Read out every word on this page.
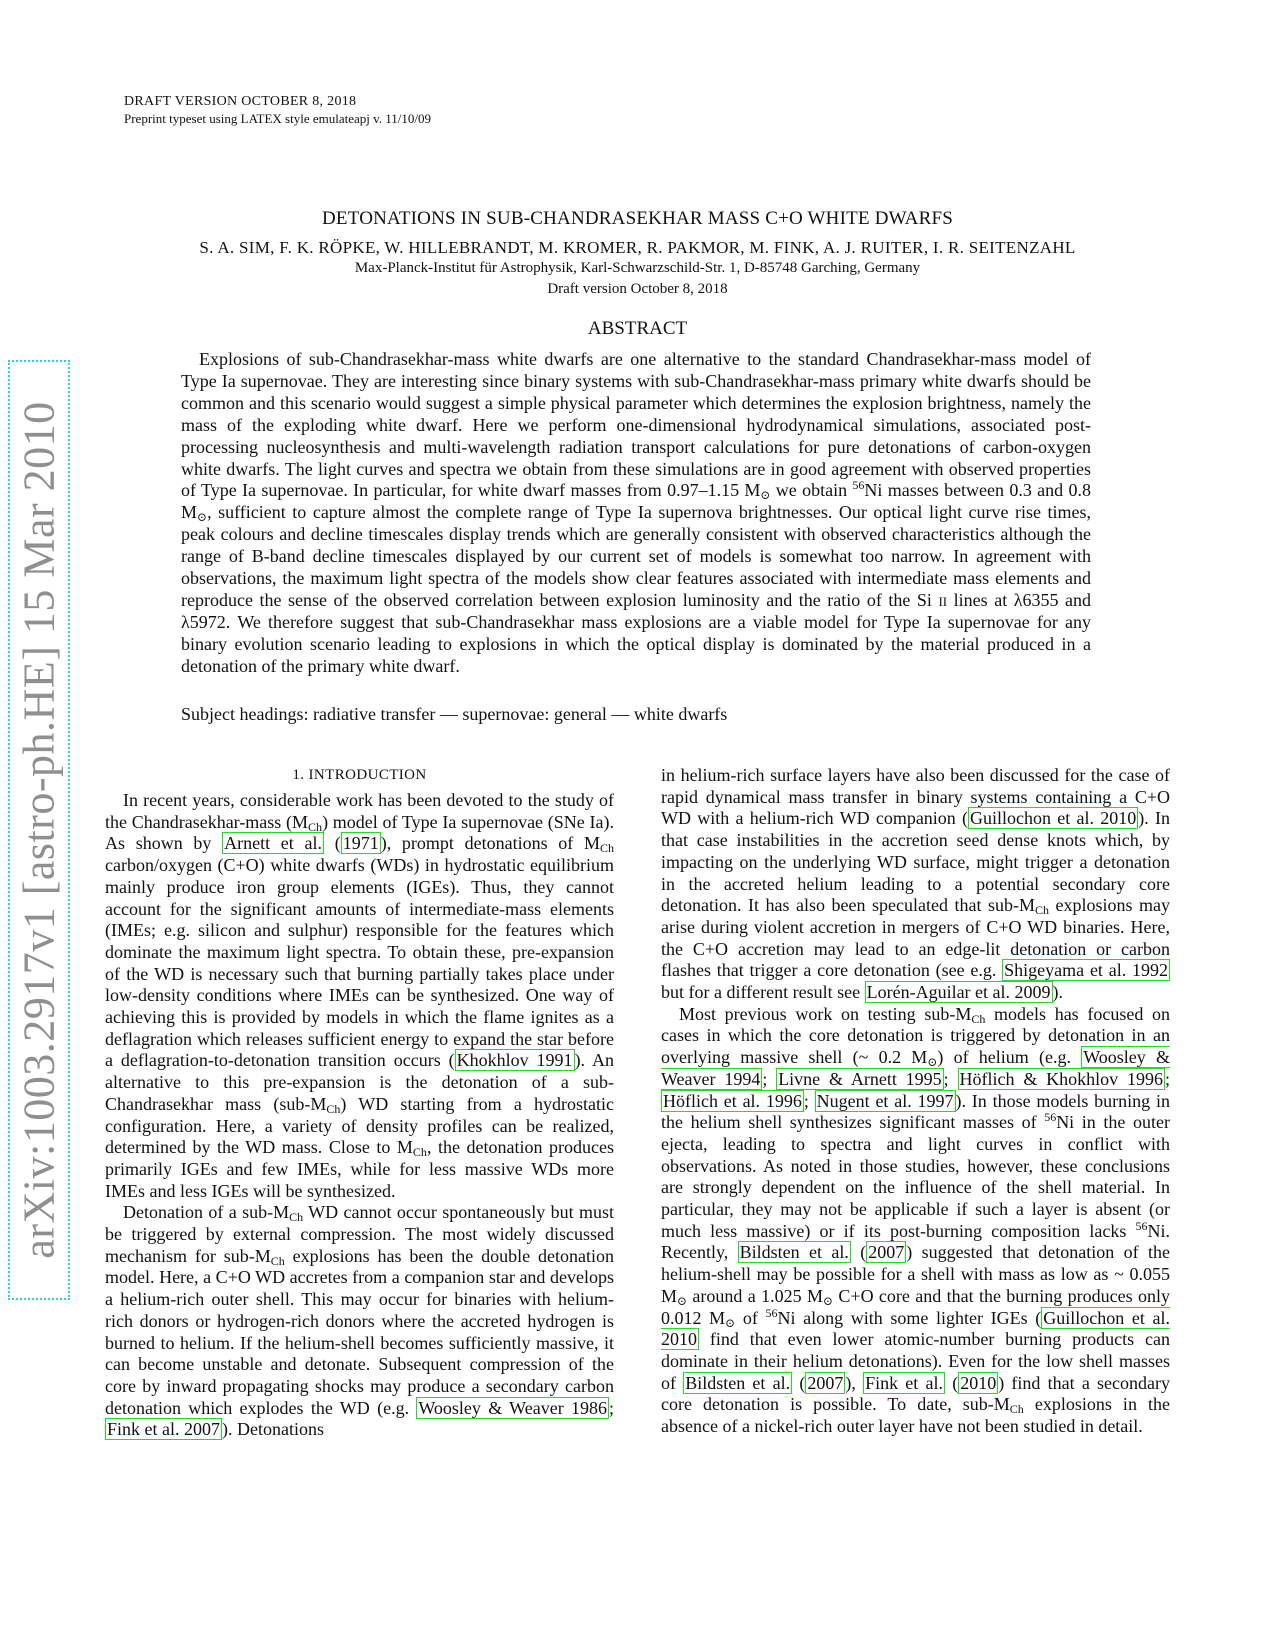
DRAFT VERSION OCTOBER 8, 2018
Preprint typeset using LATEX style emulateapj v. 11/10/09
DETONATIONS IN SUB-CHANDRASEKHAR MASS C+O WHITE DWARFS
S. A. SIM, F. K. RÖPKE, W. HILLEBRANDT, M. KROMER, R. PAKMOR, M. FINK, A. J. RUITER, I. R. SEITENZAHL
Max-Planck-Institut für Astrophysik, Karl-Schwarzschild-Str. 1, D-85748 Garching, Germany
Draft version October 8, 2018
ABSTRACT

Explosions of sub-Chandrasekhar-mass white dwarfs are one alternative to the standard Chandrasekhar-mass model of Type Ia supernovae. They are interesting since binary systems with sub-Chandrasekhar-mass primary white dwarfs should be common and this scenario would suggest a simple physical parameter which determines the explosion brightness, namely the mass of the exploding white dwarf. Here we perform one-dimensional hydrodynamical simulations, associated post-processing nucleosynthesis and multi-wavelength radiation transport calculations for pure detonations of carbon-oxygen white dwarfs. The light curves and spectra we obtain from these simulations are in good agreement with observed properties of Type Ia supernovae. In particular, for white dwarf masses from 0.97–1.15 $M_⊙$ we obtain $^{56}$Ni masses between 0.3 and 0.8 $M_⊙$, sufficient to capture almost the complete range of Type Ia supernova brightnesses. Our optical light curve rise times, peak colours and decline timescales display trends which are generally consistent with observed characteristics although the range of B-band decline timescales displayed by our current set of models is somewhat too narrow. In agreement with observations, the maximum light spectra of the models show clear features associated with intermediate mass elements and reproduce the sense of the observed correlation between explosion luminosity and the ratio of the Si ii lines at λ6355 and λ5972. We therefore suggest that sub-Chandrasekhar mass explosions are a viable model for Type Ia supernovae for any binary evolution scenario leading to explosions in which the optical display is dominated by the material produced in a detonation of the primary white dwarf.

Subject headings: radiative transfer — supernovae: general — white dwarfs
arXiv:1003.2917v1 [astro-ph.HE] 15 Mar 2010	1. INTRODUCTION

In recent years, considerable work has been devoted to the study of the Chandrasekhar-mass $(M_{Ch})$ model of Type Ia supernovae (SNe Ia). As shown by Arnett et al. ( 1971 ), prompt detonations of $M_{Ch}$ carbon/oxygen (C+O) white dwarfs (WDs) in hydrostatic equilibrium mainly produce iron group elements (IGEs). Thus, they cannot account for the significant amounts of intermediate-mass elements (IMEs; e.g. silicon and sulphur) responsible for the features which dominate the maximum light spectra. To obtain these, pre-expansion of the WD is necessary such that burning partially takes place under low-density conditions where IMEs can be synthesized. One way of achieving this is provided by models in which the flame ignites as a deflagration which releases sufficient energy to expand the star before a deflagration-to-detonation transition occurs ( Khokhlov 1991 ). An alternative to this pre-expansion is the detonation of a sub-Chandrasekhar mass $(sub-M_{Ch})$ WD starting from a hydrostatic configuration. Here, a variety of density profiles can be realized, determined by the WD mass. Close to $M_{Ch}$, the detonation produces primarily IGEs and few IMEs, while for less massive WDs more IMEs and less IGEs will be synthesized.

Detonation of a sub-$M_{Ch}$ WD cannot occur spontaneously but must be triggered by external compression. The most widely discussed mechanism for sub-$M_{Ch}$ explosions has been the double detonation model. Here, a C+O WD accretes from a companion star and develops a helium-rich outer shell. This may occur for binaries with helium-rich donors or hydrogen-rich donors where the accreted hydrogen is burned to helium. If the helium-shell becomes sufficiently massive, it can become unstable and detonate. Subsequent compression of the core by inward propagating shocks may produce a secondary carbon detonation which explodes the WD (e.g. Woosley & Weaver 1986 ; Fink et al. 2007 ). Detonations

in helium-rich surface layers have also been discussed for the case of rapid dynamical mass transfer in binary systems containing a C+O WD with a helium-rich WD companion ( Guillochon et al. 2010 ). In that case instabilities in the accretion seed dense knots which, by impacting on the underlying WD surface, might trigger a detonation in the accreted helium leading to a potential secondary core detonation. It has also been speculated that sub-$M_{Ch}$ explosions may arise during violent accretion in mergers of C+O WD binaries. Here, the C+O accretion may lead to an edge-lit detonation or carbon flashes that trigger a core detonation (see e.g. Shigeyama et al. 1992 but for a different result see Lorén-Aguilar et al. 2009 ).

Most previous work on testing sub-$M_{Ch}$ models has focused on cases in which the core detonation is triggered by detonation in an overlying massive shell (~ 0.2 $M_⊙$) of helium (e.g. Woosley & Weaver 1994 ; Livne & Arnett 1995 ; Höflich & Khokhlov 1996 ; Höflich et al. 1996 ; Nugent et al. 1997 ). In those models burning in the helium shell synthesizes significant masses of $^{56}$Ni in the outer ejecta, leading to spectra and light curves in conflict with observations. As noted in those studies, however, these conclusions are strongly dependent on the influence of the shell material. In particular, they may not be applicable if such a layer is absent (or much less massive) or if its post-burning composition lacks $^{56}$Ni. Recently, Bildsten et al. ( 2007 ) suggested that detonation of the helium-shell may be possible for a shell with mass as low as ~ 0.055 $M_⊙$ around a 1.025 $M_⊙$ C+O core and that the burning produces only 0.012 $M_⊙$ of $^{56}$Ni along with some lighter IGEs ( Guillochon et al. 2010 find that even lower atomic-number burning products can dominate in their helium detonations). Even for the low shell masses of Bildsten et al. ( 2007 ), Fink et al. ( 2010 ) find that a secondary core detonation is possible. To date, sub-$M_{Ch}$ explosions in the absence of a nickel-rich outer layer have not been studied in detail.
